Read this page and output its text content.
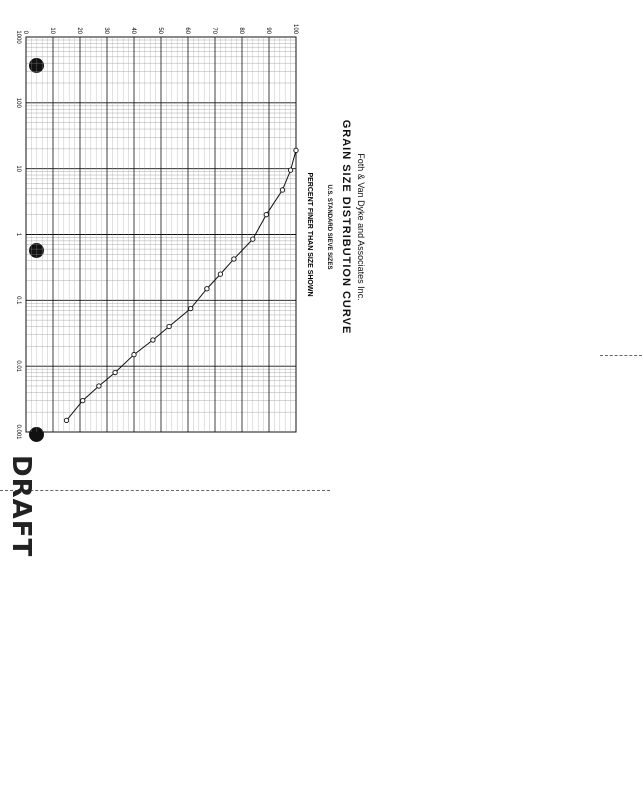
DRAFT
Foth & Van Dyke and Associates Inc.
GRAIN SIZE DISTRIBUTION CURVE
U.S. STANDARD SIEVE SIZES
PERCENT FINER THAN SIZE SHOWN
0	10	20	30	40	50	60	70	80	90	100
0.001
0.01
0.1
1
10
100
1000
